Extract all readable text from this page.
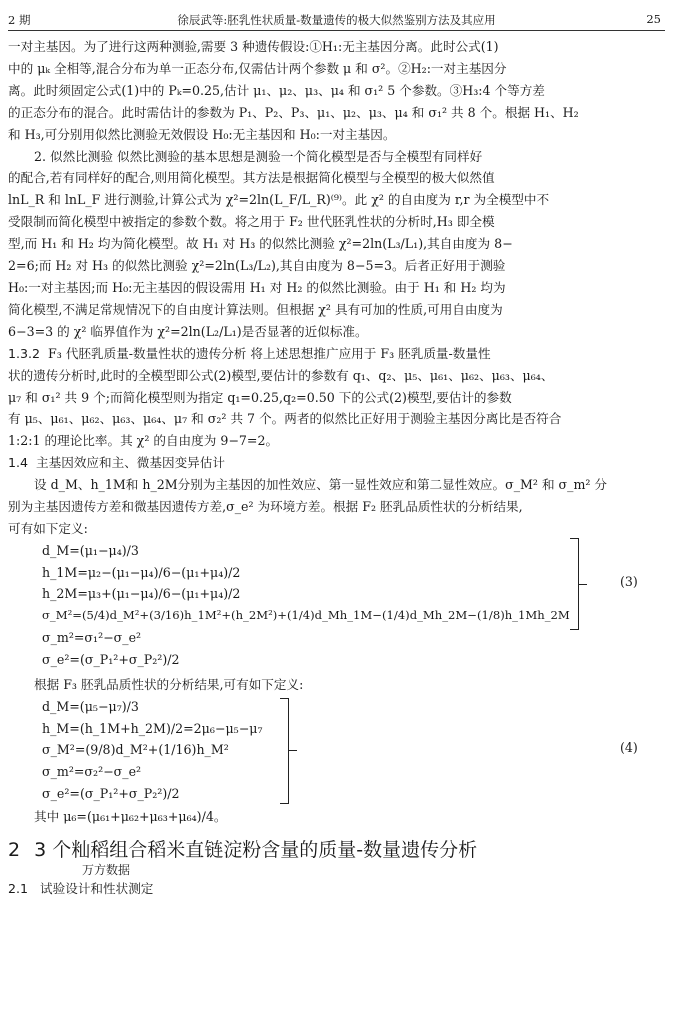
2 期	徐辰武等:胚乳性状质量-数量遗传的极大似然鉴别方法及其应用	25

一对主基因。为了进行这两种测验,需要 3 种遗传假设:①H₁:无主基因分离。此时公式(1)

中的 μₖ 全相等,混合分布为单一正态分布,仅需估计两个参数 μ 和 σ²。②H₂:一对主基因分

离。此时须固定公式(1)中的 Pₖ=0.25,估计 μ₁、μ₂、μ₃、μ₄ 和 σ₁² 5 个参数。③H₃:4 个等方差

的正态分布的混合。此时需估计的参数为 P₁、P₂、P₃、μ₁、μ₂、μ₃、μ₄ 和 σ₁² 共 8 个。根据 H₁、H₂

和 H₃,可分别用似然比测验无效假设 H₀:无主基因和 H₀:一对主基因。

2. 似然比测验 似然比测验的基本思想是测验一个简化模型是否与全模型有同样好

的配合,若有同样好的配合,则用简化模型。其方法是根据简化模型与全模型的极大似然值

lnL_R 和 lnL_F 进行测验,计算公式为 χ²=2ln(L_F/L_R)⁽⁹⁾。此 χ² 的自由度为 r,r 为全模型中不

受限制而简化模型中被指定的参数个数。将之用于 F₂ 世代胚乳性状的分析时,H₃ 即全模

型,而 H₁ 和 H₂ 均为简化模型。故 H₁ 对 H₃ 的似然比测验 χ²=2ln(L₃/L₁),其自由度为 8−

2=6;而 H₂ 对 H₃ 的似然比测验 χ²=2ln(L₃/L₂),其自由度为 8−5=3。后者正好用于测验

H₀:一对主基因;而 H₀:无主基因的假设需用 H₁ 对 H₂ 的似然比测验。由于 H₁ 和 H₂ 均为

简化模型,不满足常规情况下的自由度计算法则。但根据 χ² 具有可加的性质,可用自由度为

6−3=3 的 χ² 临界值作为 χ²=2ln(L₂/L₁)是否显著的近似标准。

1.3.2 F₃ 代胚乳质量-数量性状的遗传分析 将上述思想推广应用于 F₃ 胚乳质量-数量性

状的遗传分析时,此时的全模型即公式(2)模型,要估计的参数有 q₁、q₂、μ₅、μ₆₁、μ₆₂、μ₆₃、μ₆₄、

μ₇ 和 σ₁² 共 9 个;而简化模型则为指定 q₁=0.25,q₂=0.50 下的公式(2)模型,要估计的参数

有 μ₅、μ₆₁、μ₆₂、μ₆₃、μ₆₄、μ₇ 和 σ₂² 共 7 个。两者的似然比正好用于测验主基因分离比是否符合

1:2:1 的理论比率。其 χ² 的自由度为 9−7=2。

1.4 主基因效应和主、微基因变异估计

设 d_M、h_1M和 h_2M分别为主基因的加性效应、第一显性效应和第二显性效应。σ_M² 和 σ_m² 分

别为主基因遗传方差和微基因遗传方差,σ_e² 为环境方差。根据 F₂ 胚乳品质性状的分析结果,

可有如下定义:

d_M=(μ₁−μ₄)/3
h_1M=μ₂−(μ₁−μ₄)/6−(μ₁+μ₄)/2
h_2M=μ₃+(μ₁−μ₄)/6−(μ₁+μ₄)/2
σ_M²=(5/4)d_M²+(3/16)h_1M²+(h_2M²)+(1/4)d_Mh_1M−(1/4)d_Mh_2M−(1/8)h_1Mh_2M
σ_m²=σ₁²−σ_e²
σ_e²=(σ_P₁²+σ_P₂²)/2
(3)

根据 F₃ 胚乳品质性状的分析结果,可有如下定义:

d_M=(μ₅−μ₇)/3
h_M=(h_1M+h_2M)/2=2μ₆−μ₅−μ₇
σ_M²=(9/8)d_M²+(1/16)h_M²
σ_m²=σ₂²−σ_e²
σ_e²=(σ_P₁²+σ_P₂²)/2
(4)

其中 μ₆=(μ₆₁+μ₆₂+μ₆₃+μ₆₄)/4。

2 3 个籼稻组合稻米直链淀粉含量的质量-数量遗传分析
万方数据
2.1 试验设计和性状测定
